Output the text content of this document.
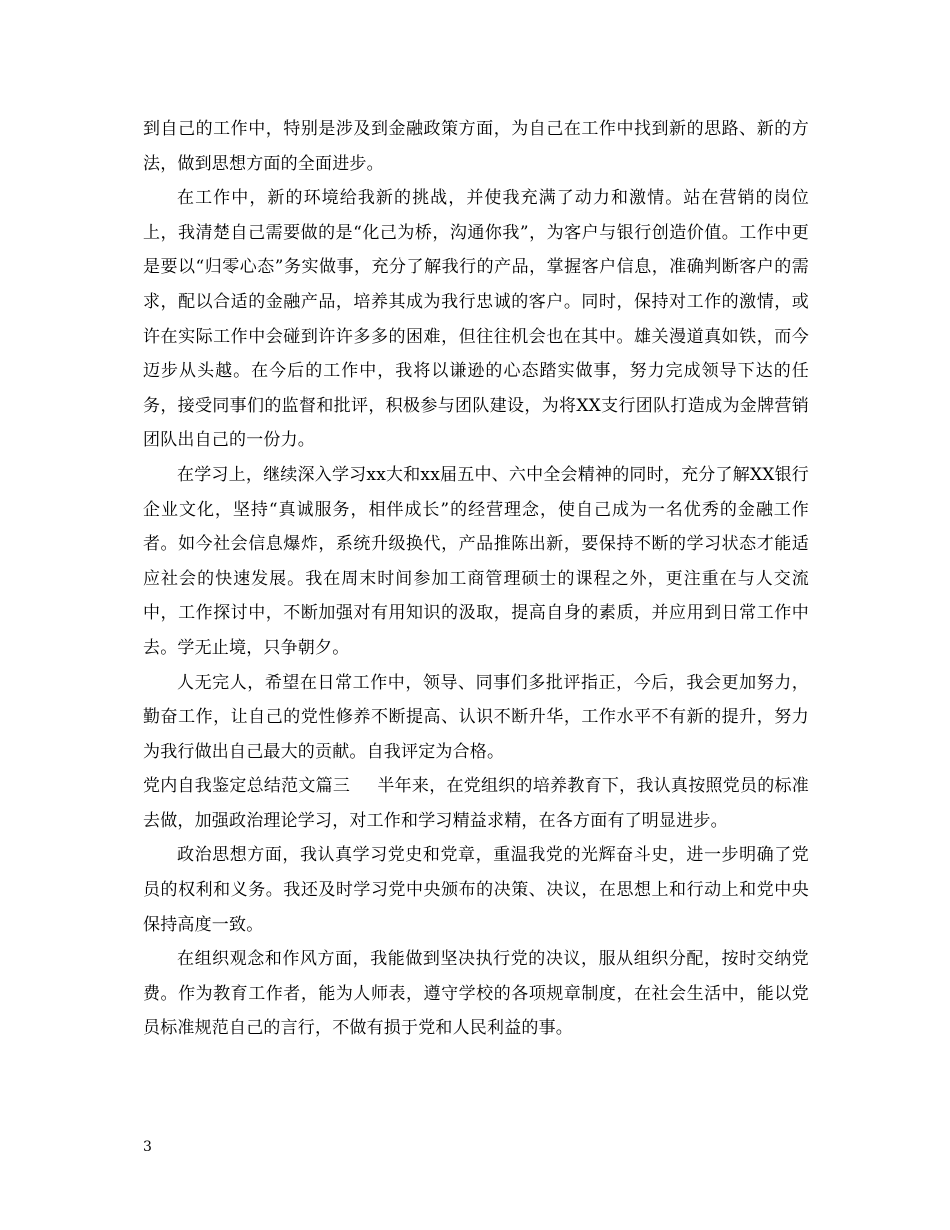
到自己的工作中，特别是涉及到金融政策方面，为自己在工作中找到新的思路、新的方法，做到思想方面的全面进步。

在工作中，新的环境给我新的挑战，并使我充满了动力和激情。站在营销的岗位上，我清楚自己需要做的是“化己为桥，沟通你我”，为客户与银行创造价值。工作中更是要以“归零心态”务实做事，充分了解我行的产品，掌握客户信息，准确判断客户的需求，配以合适的金融产品，培养其成为我行忠诚的客户。同时，保持对工作的激情，或许在实际工作中会碰到许许多多的困难，但往往机会也在其中。雄关漫道真如铁，而今迈步从头越。在今后的工作中，我将以谦逊的心态踏实做事，努力完成领导下达的任务，接受同事们的监督和批评，积极参与团队建设，为将XX支行团队打造成为金牌营销团队出自己的一份力。

在学习上，继续深入学习xx大和xx届五中、六中全会精神的同时，充分了解XX银行企业文化，坚持“真诚服务，相伴成长”的经营理念，使自己成为一名优秀的金融工作者。如今社会信息爆炸，系统升级换代，产品推陈出新，要保持不断的学习状态才能适应社会的快速发展。我在周末时间参加工商管理硕士的课程之外，更注重在与人交流中，工作探讨中，不断加强对有用知识的汲取，提高自身的素质，并应用到日常工作中去。学无止境，只争朝夕。

人无完人，希望在日常工作中，领导、同事们多批评指正，今后，我会更加努力，勤奋工作，让自己的党性修养不断提高、认识不断升华，工作水平不有新的提升，努力为我行做出自己最大的贡献。自我评定为合格。

党内自我鉴定总结范文篇三 半年来，在党组织的培养教育下，我认真按照党员的标准去做，加强政治理论学习，对工作和学习精益求精，在各方面有了明显进步。

政治思想方面，我认真学习党史和党章，重温我党的光辉奋斗史，进一步明确了党员的权利和义务。我还及时学习党中央颁布的决策、决议，在思想上和行动上和党中央保持高度一致。

在组织观念和作风方面，我能做到坚决执行党的决议，服从组织分配，按时交纳党费。作为教育工作者，能为人师表，遵守学校的各项规章制度，在社会生活中，能以党员标准规范自己的言行，不做有损于党和人民利益的事。

3
